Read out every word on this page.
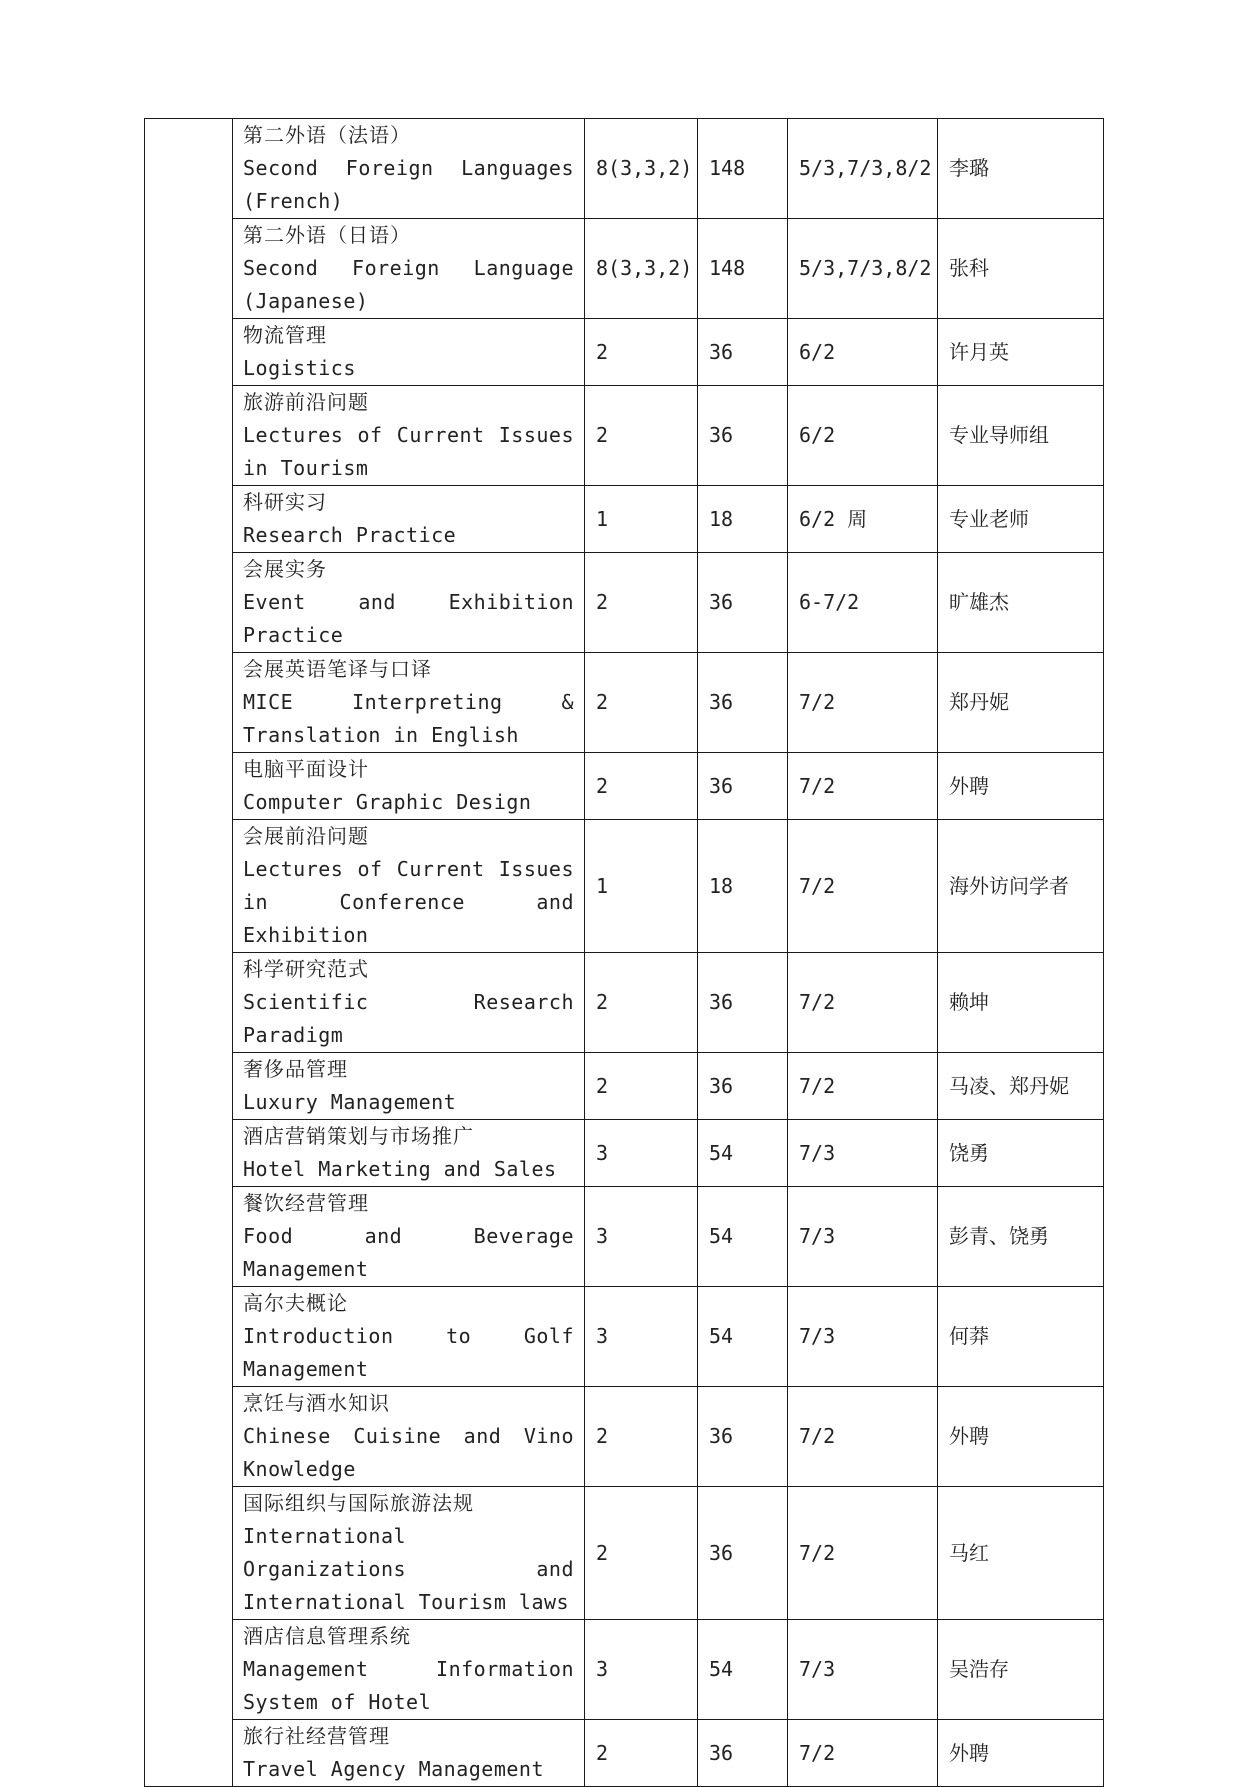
	第二外语（法语）
Second Foreign Languages (French)	8(3,3,2)	148	5/3,7/3,8/2	李璐

	第二外语（日语）
Second Foreign Language (Japanese)	8(3,3,2)	148	5/3,7/3,8/2	张科

	物流管理
Logistics	2	36	6/2	许月英

	旅游前沿问题
Lectures of Current Issues in Tourism	2	36	6/2	专业导师组

	科研实习
Research Practice	1	18	6/2 周	专业老师

	会展实务
Event and Exhibition Practice	2	36	6-7/2	旷雄杰

	会展英语笔译与口译
MICE Interpreting & Translation in English	2	36	7/2	郑丹妮

	电脑平面设计
Computer Graphic Design	2	36	7/2	外聘

	会展前沿问题
Lectures of Current Issues in Conference and Exhibition	1	18	7/2	海外访问学者

	科学研究范式
Scientific Research Paradigm	2	36	7/2	赖坤

	奢侈品管理
Luxury Management	2	36	7/2	马凌、郑丹妮

	酒店营销策划与市场推广
Hotel Marketing and Sales	3	54	7/3	饶勇

	餐饮经营管理
Food and Beverage Management	3	54	7/3	彭青、饶勇

	高尔夫概论
Introduction to Golf Management	3	54	7/3	何莽

	烹饪与酒水知识
Chinese Cuisine and Vino Knowledge	2	36	7/2	外聘

	国际组织与国际旅游法规
International Organizations and International Tourism laws	2	36	7/2	马红

	酒店信息管理系统
Management Information System of Hotel	3	54	7/3	吴浩存

	旅行社经营管理
Travel Agency Management	2	36	7/2	外聘
